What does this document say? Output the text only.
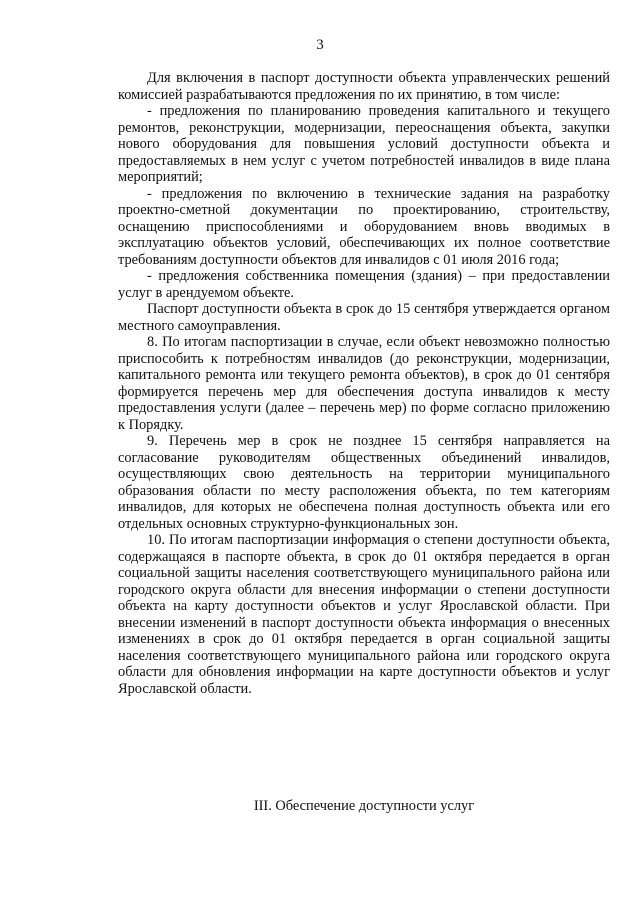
3

Для включения в паспорт доступности объекта управленческих решений комиссией разрабатываются предложения по их принятию, в том числе:

- предложения по планированию проведения капитального и текущего ремонтов, реконструкции, модернизации, переоснащения объекта, закупки нового оборудования для повышения условий доступности объекта и предоставляемых в нем услуг с учетом потребностей инвалидов в виде плана мероприятий;

- предложения по включению в технические задания на разработку проектно-сметной документации по проектированию, строительству, оснащению приспособлениями и оборудованием вновь вводимых в эксплуатацию объектов условий, обеспечивающих их полное соответствие требованиям доступности объектов для инвалидов с 01 июля 2016 года;

- предложения собственника помещения (здания) – при предоставлении услуг в арендуемом объекте.

Паспорт доступности объекта в срок до 15 сентября утверждается органом местного самоуправления.

8. По итогам паспортизации в случае, если объект невозможно полностью приспособить к потребностям инвалидов (до реконструкции, модернизации, капитального ремонта или текущего ремонта объектов), в срок до 01 сентября формируется перечень мер для обеспечения доступа инвалидов к месту предоставления услуги (далее – перечень мер) по форме согласно приложению к Порядку.

9. Перечень мер в срок не позднее 15 сентября направляется на согласование руководителям общественных объединений инвалидов, осуществляющих свою деятельность на территории муниципального образования области по месту расположения объекта, по тем категориям инвалидов, для которых не обеспечена полная доступность объекта или его отдельных основных структурно-функциональных зон.

10. По итогам паспортизации информация о степени доступности объекта, содержащаяся в паспорте объекта, в срок до 01 октября передается в орган социальной защиты населения соответствующего муниципального района или городского округа области для внесения информации о степени доступности объекта на карту доступности объектов и услуг Ярославской области. При внесении изменений в паспорт доступности объекта информация о внесенных изменениях в срок до 01 октября передается в орган социальной защиты населения соответствующего муниципального района или городского округа области для обновления информации на карте доступности объектов и услуг Ярославской области.

III. Обеспечение доступности услуг
